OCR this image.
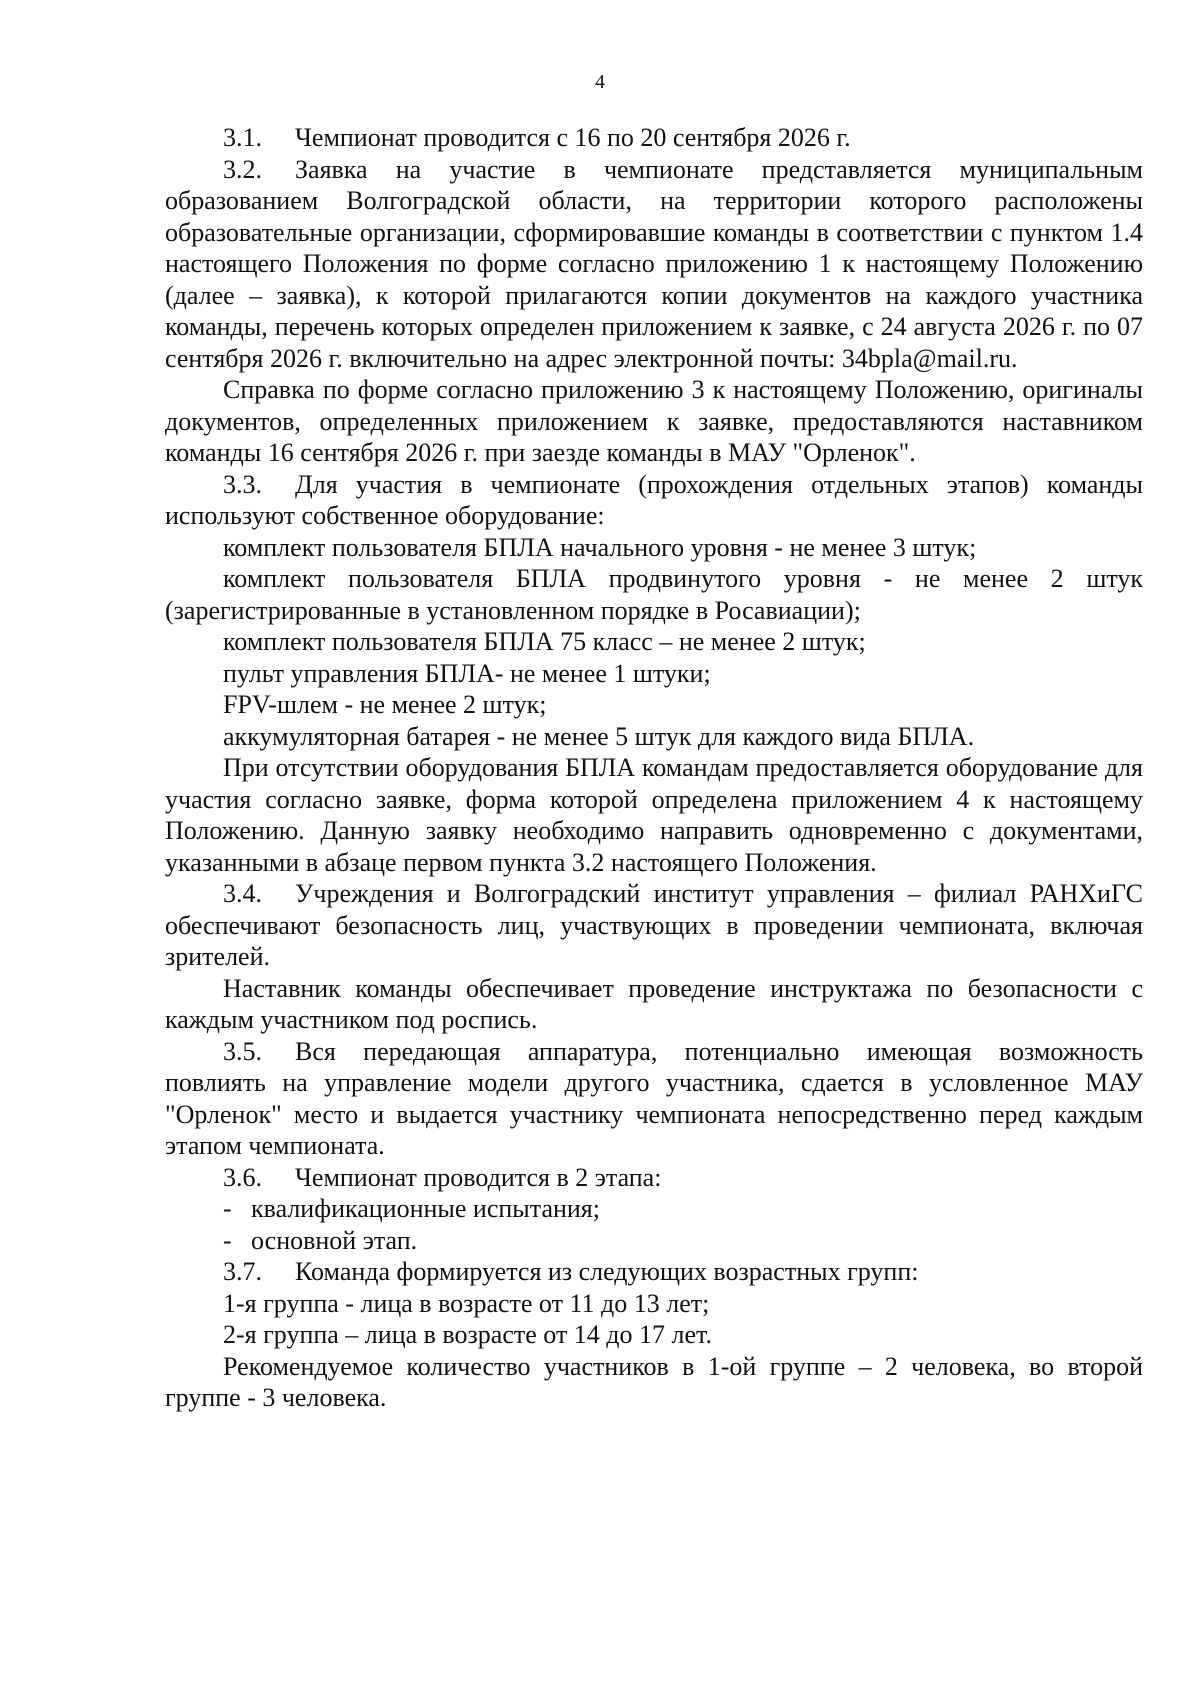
4

3.1. Чемпионат проводится с 16 по 20 сентября 2026 г.

3.2. Заявка на участие в чемпионате представляется муниципальным образованием Волгоградской области, на территории которого расположены образовательные организации, сформировавшие команды в соответствии с пунктом 1.4 настоящего Положения по форме согласно приложению 1 к настоящему Положению (далее – заявка), к которой прилагаются копии документов на каждого участника команды, перечень которых определен приложением к заявке, с 24 августа 2026 г. по 07 сентября 2026 г. включительно на адрес электронной почты: 34bpla@mail.ru.

Справка по форме согласно приложению 3 к настоящему Положению, оригиналы документов, определенных приложением к заявке, предоставляются наставником команды 16 сентября 2026 г. при заезде команды в МАУ "Орленок".

3.3. Для участия в чемпионате (прохождения отдельных этапов) команды используют собственное оборудование:

комплект пользователя БПЛА начального уровня - не менее 3 штук;

комплект пользователя БПЛА продвинутого уровня - не менее 2 штук (зарегистрированные в установленном порядке в Росавиации);

комплект пользователя БПЛА 75 класс – не менее 2 штук;

пульт управления БПЛА- не менее 1 штуки;

FPV-шлем - не менее 2 штук;

аккумуляторная батарея - не менее 5 штук для каждого вида БПЛА.

При отсутствии оборудования БПЛА командам предоставляется оборудование для участия согласно заявке, форма которой определена приложением 4 к настоящему Положению. Данную заявку необходимо направить одновременно с документами, указанными в абзаце первом пункта 3.2 настоящего Положения.

3.4. Учреждения и Волгоградский институт управления – филиал РАНХиГС обеспечивают безопасность лиц, участвующих в проведении чемпионата, включая зрителей.

Наставник команды обеспечивает проведение инструктажа по безопасности с каждым участником под роспись.

3.5. Вся передающая аппаратура, потенциально имеющая возможность повлиять на управление модели другого участника, сдается в условленное МАУ "Орленок" место и выдается участнику чемпионата непосредственно перед каждым этапом чемпионата.

3.6. Чемпионат проводится в 2 этапа:

- квалификационные испытания;

- основной этап.

3.7. Команда формируется из следующих возрастных групп:

1-я группа - лица в возрасте от 11 до 13 лет;

2-я группа – лица в возрасте от 14 до 17 лет.

Рекомендуемое количество участников в 1-ой группе – 2 человека, во второй группе - 3 человека.
